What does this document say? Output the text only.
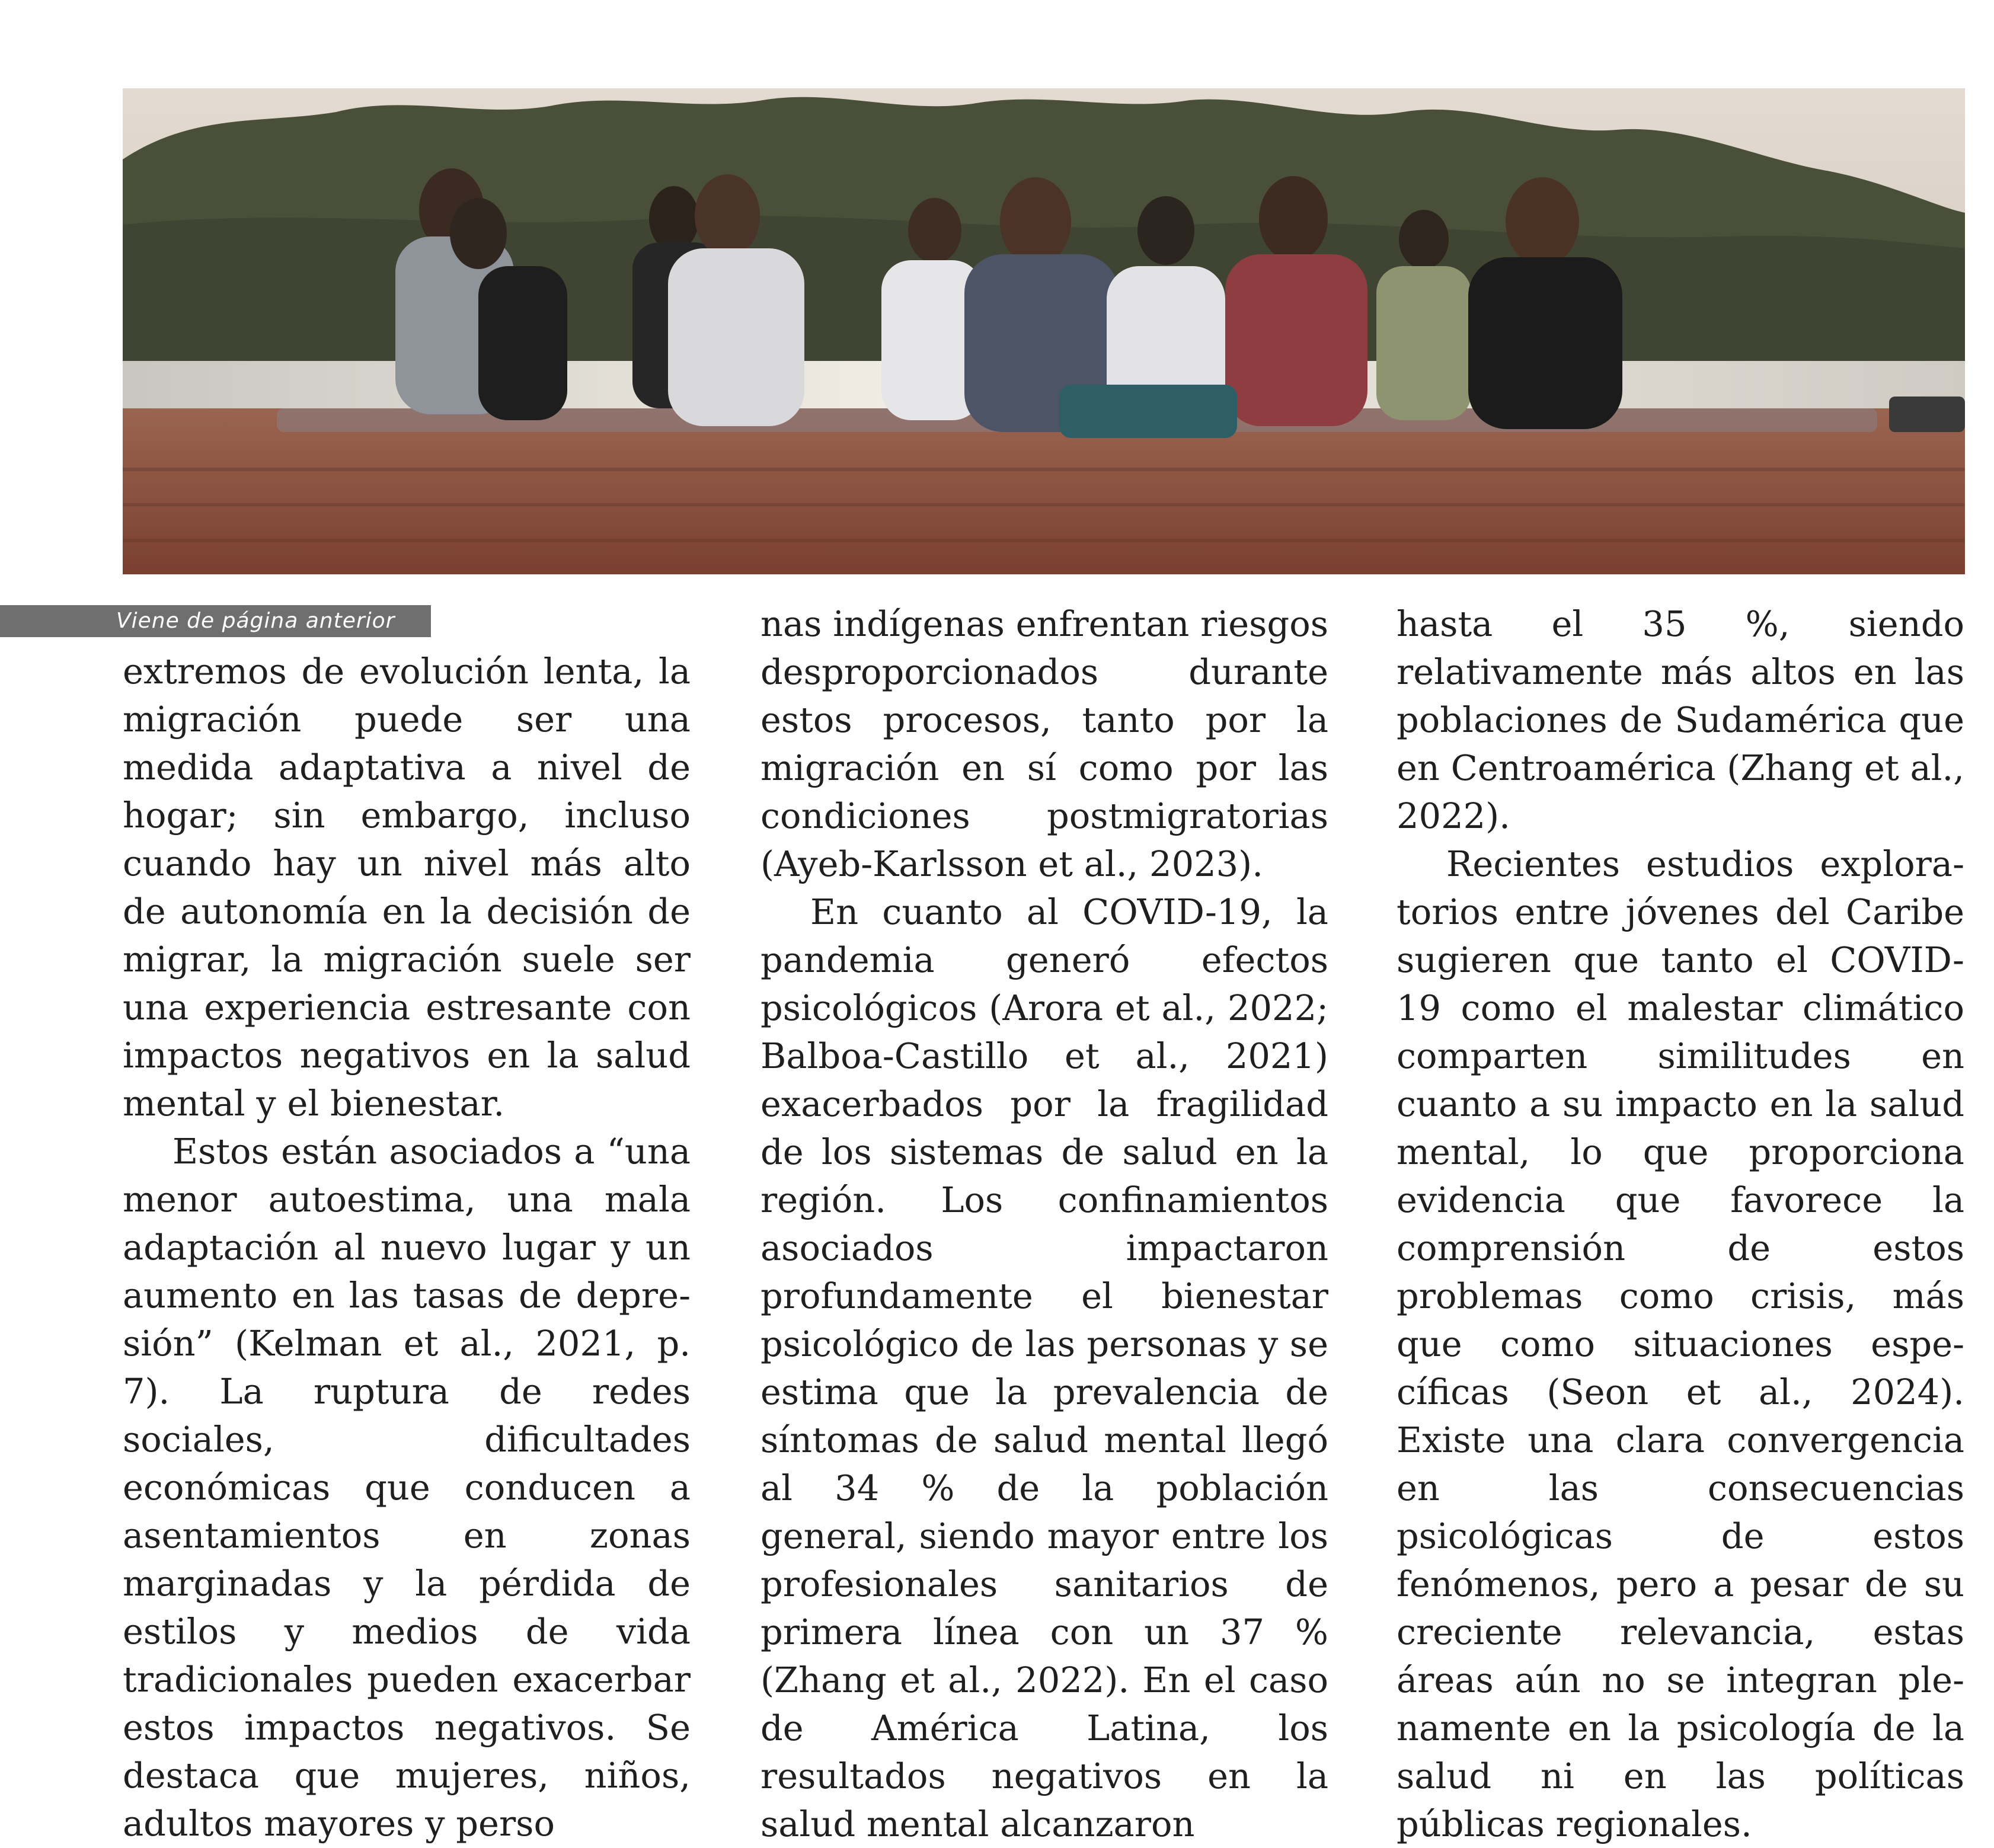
Viene de página anterior

extremos de evolución lenta, la migración puede ser una medida adaptativa a nivel de hogar; sin embargo, incluso cuando hay un nivel más alto de autonomía en la decisión de migrar, la migración suele ser una experiencia estresante con impactos negativos en la salud mental y el bienestar.

Estos están asociados a “una menor autoestima, una mala adaptación al nuevo lugar y un aumento en las tasas de depresión” (Kelman et al., 2021, p. 7). La ruptura de redes sociales, dificultades económicas que conducen a asentamientos en zonas marginadas y la pérdida de estilos y medios de vida tradicionales pueden exacerbar estos impactos negativos. Se destaca que mujeres, niños, adultos mayores y perso

nas indígenas enfrentan riesgos desproporcionados durante estos procesos, tanto por la migración en sí como por las condiciones postmigratorias (Ayeb-Karlsson et al., 2023).

En cuanto al COVID-19, la pandemia generó efectos psicológicos (Arora et al., 2022; Balboa-Castillo et al., 2021) exacerbados por la fragilidad de los sistemas de salud en la región. Los confinamientos asociados impactaron profundamente el bienestar psicológico de las personas y se estima que la prevalencia de síntomas de salud mental llegó al 34 % de la población general, siendo mayor entre los profesionales sanitarios de primera línea con un 37 % (Zhang et al., 2022). En el caso de América Latina, los resultados negativos en la salud mental alcanzaron

hasta el 35 %, siendo relativamente más altos en las poblaciones de Sudamérica que en Centroamérica (Zhang et al., 2022).

Recientes estudios exploratorios entre jóvenes del Caribe sugieren que tanto el COVID-19 como el malestar climático comparten similitudes en cuanto a su impacto en la salud mental, lo que proporciona evidencia que favorece la comprensión de estos problemas como crisis, más que como situaciones específicas (Seon et al., 2024). Existe una clara convergencia en las consecuencias psicológicas de estos fenómenos, pero a pesar de su creciente relevancia, estas áreas aún no se integran plenamente en la psicología de la salud ni en las políticas públicas regionales.
